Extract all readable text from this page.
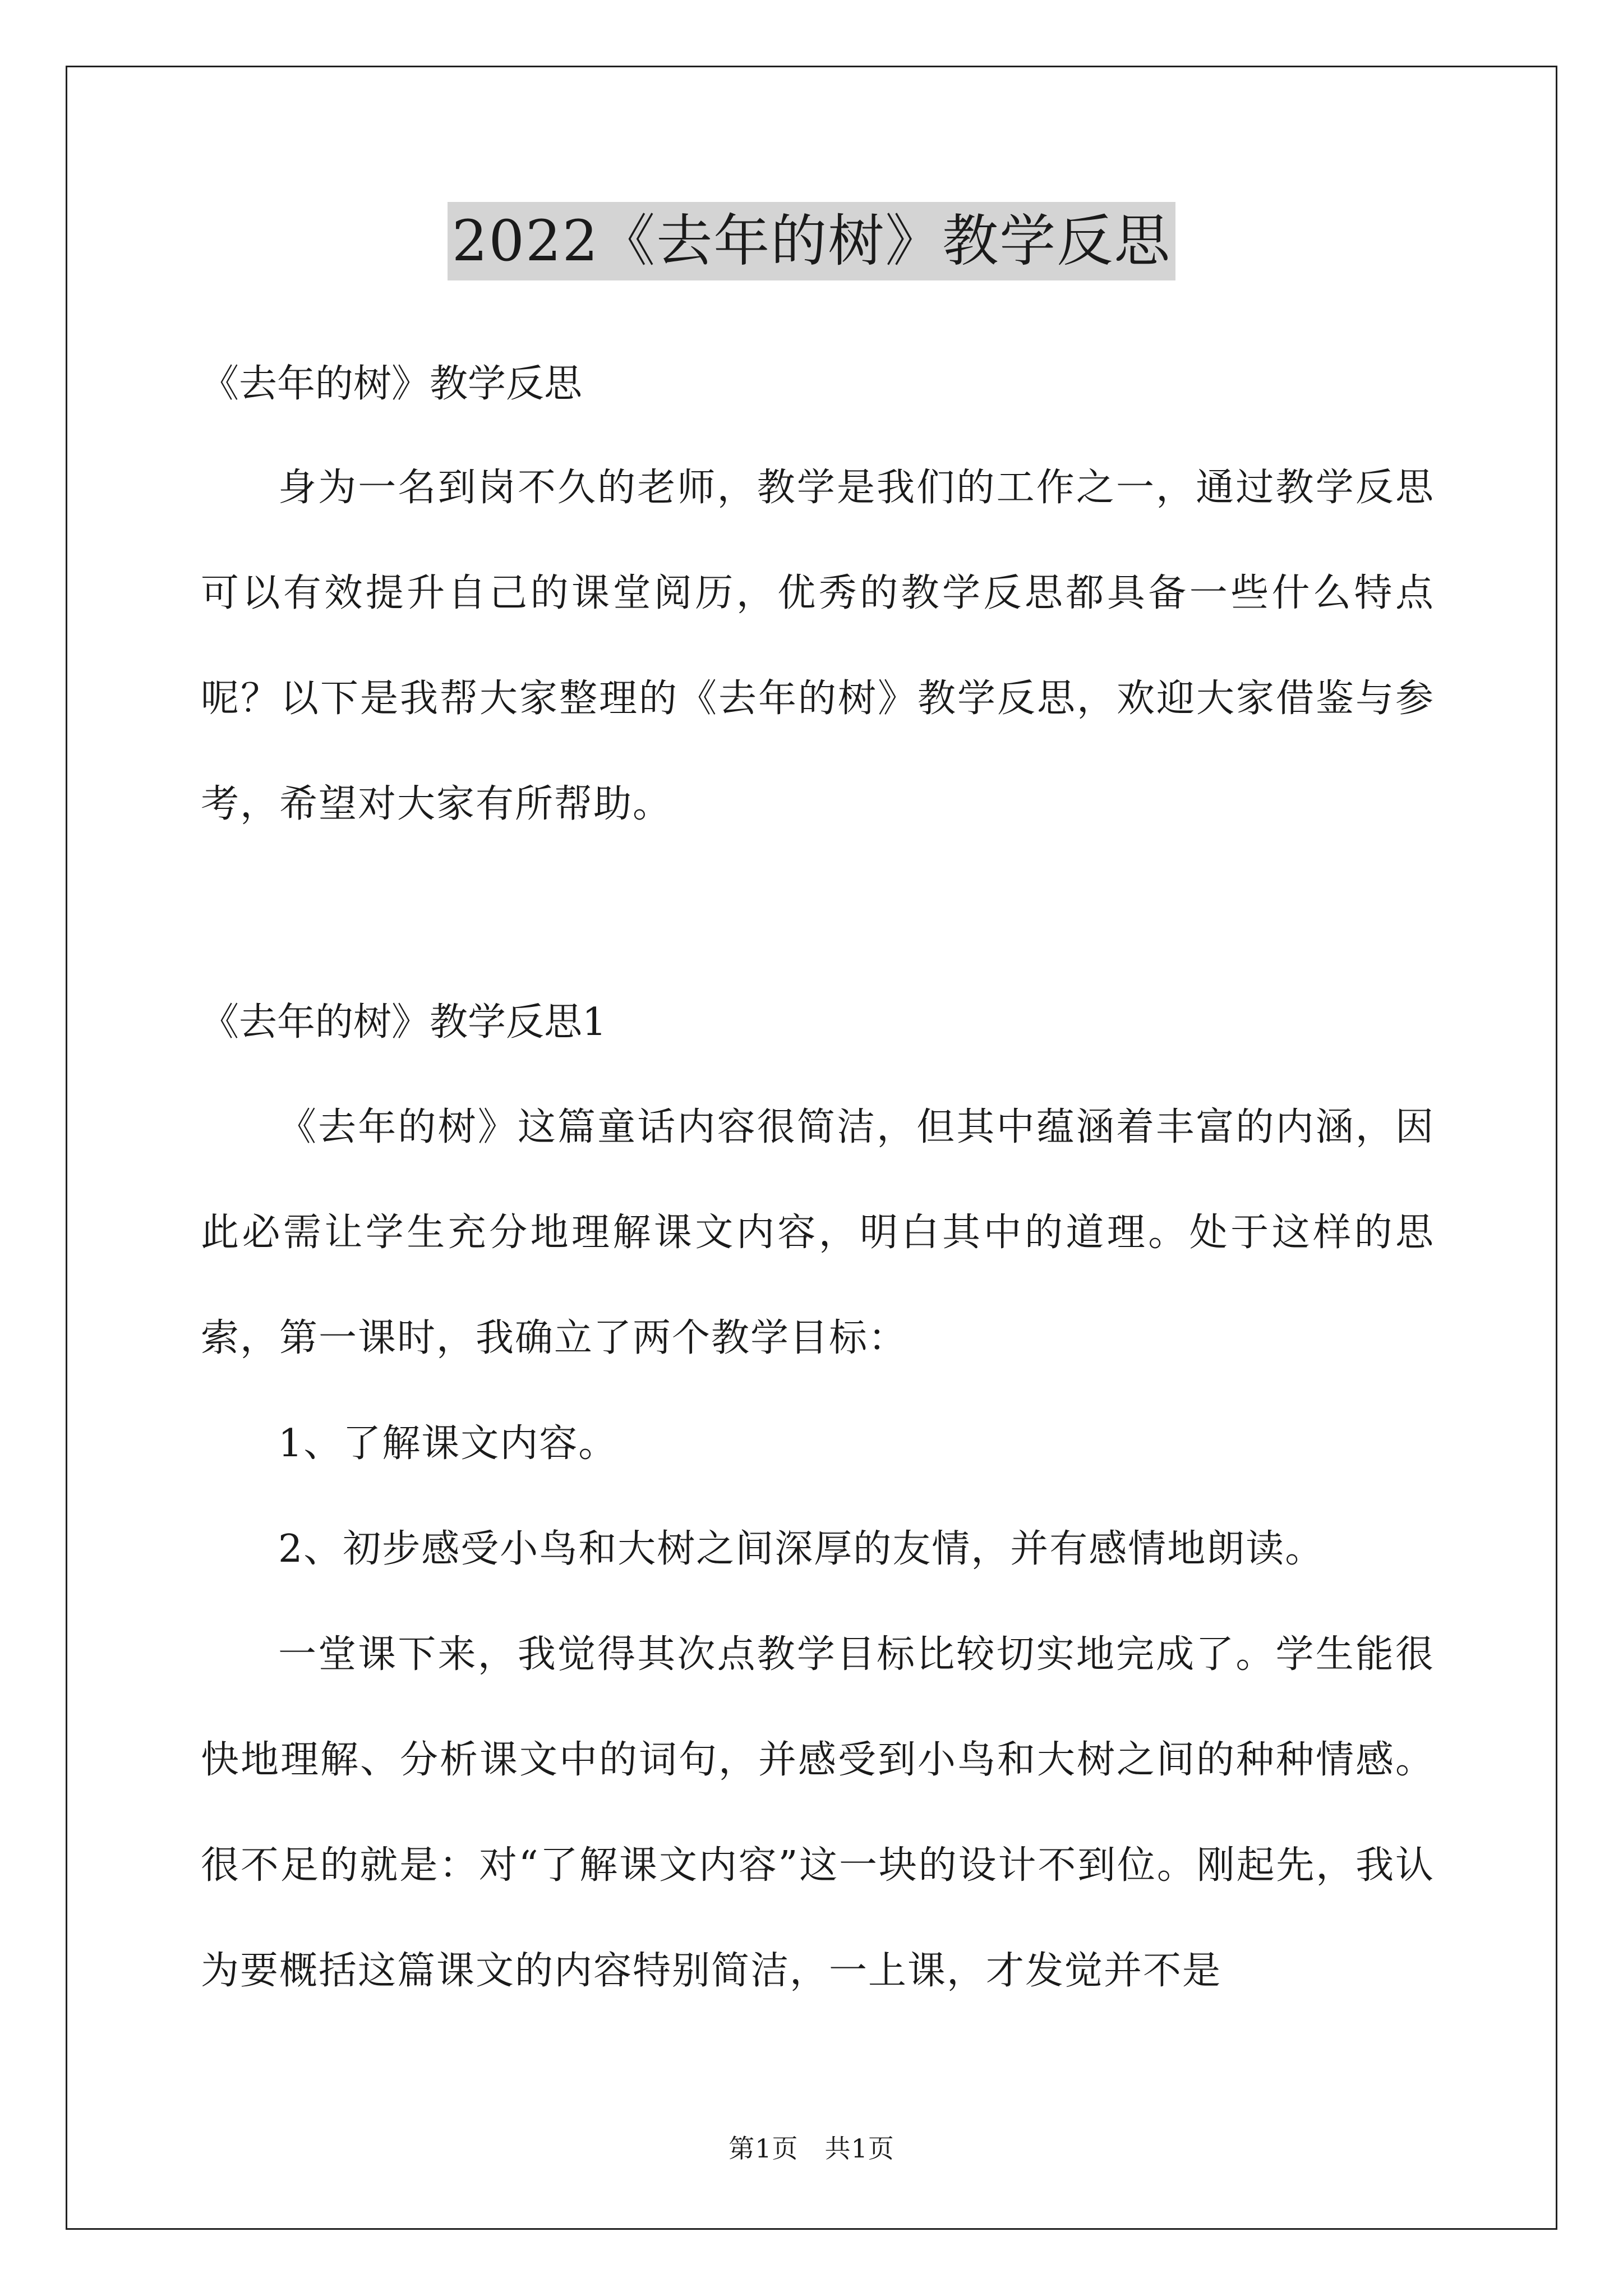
2022《去年的树》教学反思
《去年的树》教学反思
身为一名到岗不久的老师，教学是我们的工作之一，通过教学反思可以有效提升自己的课堂阅历，优秀的教学反思都具备一些什么特点呢？以下是我帮大家整理的《去年的树》教学反思，欢迎大家借鉴与参考，希望对大家有所帮助。
《去年的树》教学反思1
《去年的树》这篇童话内容很简洁，但其中蕴涵着丰富的内涵，因此必需让学生充分地理解课文内容，明白其中的道理。处于这样的思索，第一课时，我确立了两个教学目标：
1、了解课文内容。
2、初步感受小鸟和大树之间深厚的友情，并有感情地朗读。
一堂课下来，我觉得其次点教学目标比较切实地完成了。学生能很快地理解、分析课文中的词句，并感受到小鸟和大树之间的种种情感。很不足的就是：对“了解课文内容”这一块的设计不到位。刚起先，我认为要概括这篇课文的内容特别简洁，一上课，才发觉并不是
第1页　共1页
